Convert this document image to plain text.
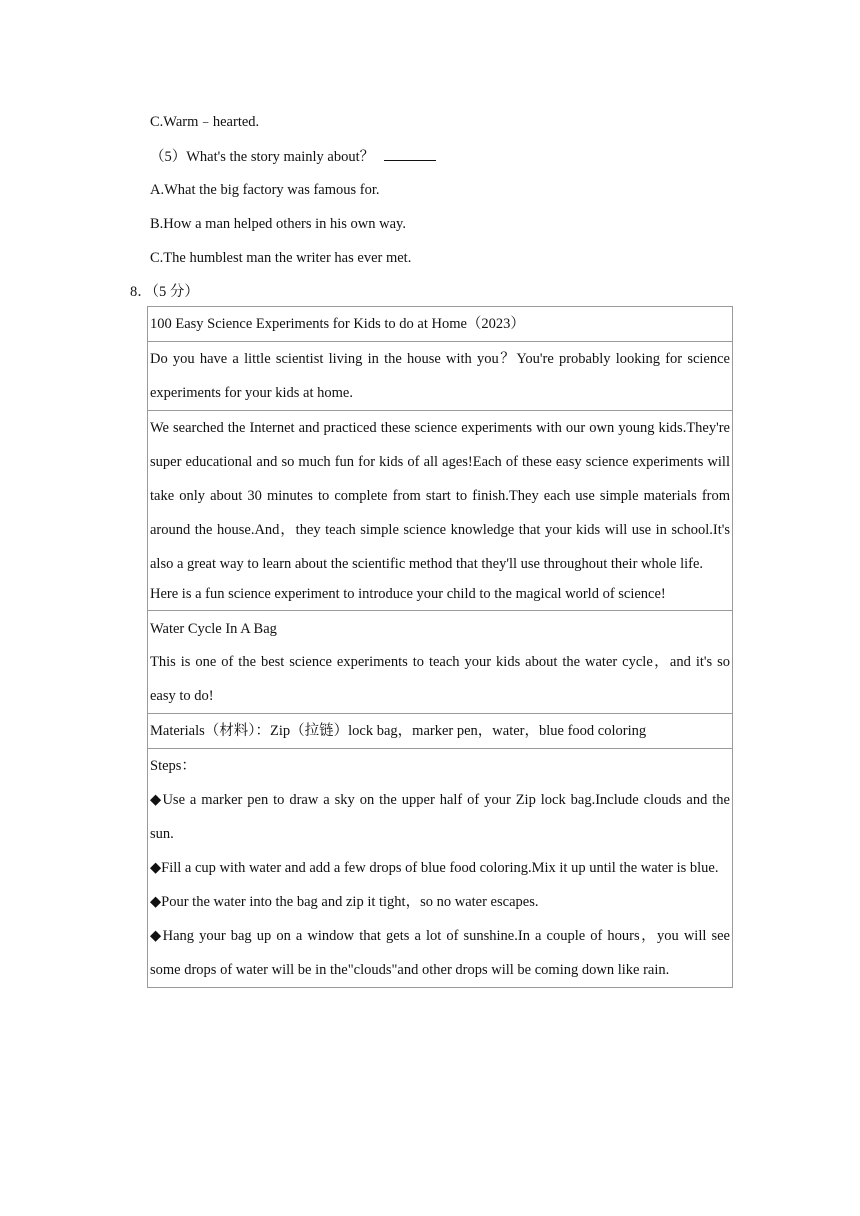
C.Warm﹣hearted.
（5）What's the story mainly about？
A.What the big factory was famous for.
B.How a man helped others in his own way.
C.The humblest man the writer has ever met.
8．（5 分）
100 Easy Science Experiments for Kids to do at Home（2023）

Do you have a little scientist living in the house with you？You're probably looking for science experiments for your kids at home.

We searched the Internet and practiced these science experiments with our own young kids.They're super educational and so much fun for kids of all ages!Each of these easy science experiments will take only about 30 minutes to complete from start to finish.They each use simple materials from around the house.And，they teach simple science knowledge that your kids will use in school.It's also a great way to learn about the scientific method that they'll use throughout their whole life.

Here is a fun science experiment to introduce your child to the magical world of science!

Water Cycle In A Bag

This is one of the best science experiments to teach your kids about the water cycle，and it's so easy to do!

Materials（材料）：Zip（拉链）lock bag，marker pen，water，blue food coloring

Steps：

◆Use a marker pen to draw a sky on the upper half of your Zip lock bag.Include clouds and the sun.

◆Fill a cup with water and add a few drops of blue food coloring.Mix it up until the water is blue.

◆Pour the water into the bag and zip it tight，so no water escapes.

◆Hang your bag up on a window that gets a lot of sunshine.In a couple of hours，you will see some drops of water will be in the"clouds"and other drops will be coming down like rain.
